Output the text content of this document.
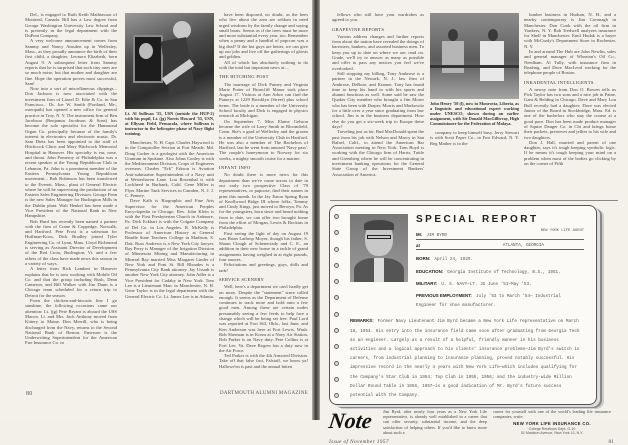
Del., is engaged to Ruth Keith Mathiasson of Montreal, Canada. Bill has a Law degree from George Washington University Law School and is presently in the legal department with the DuPont Company.

A very welcome announcement comes from Sammy and Nancy Amsden up in Wellesley, Mass., as they proudly announce the birth of their first child, a daughter, Leonora Elizabeth, born August 9. A subsequent letter from Sammy reports that he is surprised that such tiny ones are so much noise, but that mother and daughter are fine. Hope the operation proves most successful, Sam!

Now into a sort of miscellaneous clippings... Don Jackson is now associated with the investment firm of Lionel D. Edie & Co. in San Francisco... Dr. Joe W. Smith (Portland, Me., osteopath) has opened a new office for general practice in Troy, N. Y. The instrument firm of Ben Jacobson (Benjamin Jacobson & Sons) has become the sole specialist for the Hammond Organ Co. principally because of the family's interest in electronics and electronic music. Dr. Sam Dietz has been appointed to the staff of Hitchcock Clinic and Mary Hitchcock Memorial Hospital in Hanover. His specialty is ear, nose, and throat. John Pomeroy of Philadelphia was a recent speaker at the Young Republican Club in Lebanon, Pa. John is a prominent member of the Eastern Pennsylvania Young Republican movement... Bob Robinson has been transferred to the Everett, Mass., plant of General Electric where he will be supervising the production of an Eastern Sales Engineering Division. George Fenn is the new Sales Manager for Burlington Mills in the Dublin plant. Walt Henkel has been made a Vice President of the National Bank in New Hampshire.

Bob Hurd has recently been named a partner with the firm of Crane & Coppedge, Norwalk, and Hartford. Pete Frost is a salesman for Huffman-Koos, Dick Bradley joined Tyler Engineering Co. of Lynn, Mass. Lloyd Richmond is serving as Assistant Director of Development of the Red Cross, Burlington, Vt. and a few others of the class have made news this season in a variety of ways.

A letter from Rick Lambert in Hanover explains that he is now working with Mobile Oil Co. and that the group including Rush, Dean Cameron, and Bill Walker with Jim Dunn is a Chicago team scheduled for a return trip to Detroit for the season.

From the chicken-and-biscuits line I go sunshine, the following occasions came our attention: Lt. (jg) Pete Bryant is aboard the USS Macon. Lt. and Mrs. Jack Anthony moved from Kittery to Maine. Don Merrill, who is being discharged from the Navy, returns to the Second National Bank of Boston. Emerson is the Underwriting Superintendent for the American Fire Insurance Co. in

Lt. Al Sullivan '55, USN (outside the HUP-2) with his pupil, Lt. (jg) Norris Howard '55, USN, at Ellyson Field, Pensacola, where Sullivan is instructor in the helicopter phase of Navy flight training.

Manchester, N. H. Capt. Charles Haywood is in the Comptroller Section at Fort Meade, Md. Doug Corker is a geologist with the American Uranium in Spokane. Also Johns Conley is with the Mediterranean Division, Corps of Engineers overseas. Charles "Erk" Erkson is Aviation Anti-submarine Superintendent of a Navy unit at Westerhaven Lane. Lou Rosenthal is with Lockheed in Burbank, Calif. Gene Miller is Flyer Marine Tank Services in Camden, N. J. J. C. Penney.

Dave Kalb is Biographic and Fine Arts Supervisor for the American Peoples Encyclopedia in Chicago. Rev. John Klein is with the First Presbyterian Church in Ardmore, Pa. Dick Eckhart is with the Colgate Company of Del Co. in Los Angeles. R. McKelly is Professor of American History at General Beadle State Teachers College in Madison, S. Dak. Ross Andrews is a New York City lawyer. Ray Perry is Manager of the Irrigation Division of Minnesota Mining and Manufacturing in Mineral Bay married Miss Margaret Linder of New York and Pont St. Bill Rhoades is a Pennsylvania City Bank attorney. Jay Ussadt is another New York City attorney. John Adler is a Vice President for Cudahy in New York. Tom Lee is a Lieutenant Man. in Manchester, N. H. Gene Taylor is in the legal department with the General Electric Co. Lt. James Lee is in Atlanta.

have been disposed, no doubt, as the bees who live about the area are seldom in need urged wisdoms by the family change and saying small boats. Seems as if the trees must be more and more substantial every year, too. Remember when a penny and a handful of popcorn was a big deal? If the hot guys are better, we can give up our jobs and live off the gatherings of ghosts and goblins.

All of which has absolutely nothing to do with the total but important news at....

THE HITCHING POST

The marriage of Dick Putney and Virginia Marie Potter of Briarcliff Manor took place August 17. Visitors at Ann Arbor can find the Putneys at 1229 Brooklyn (Street) plus school items. The bride is a member of the University School faculty and Dick is engaged in physics research at Michigan.

On September 7, Miss Elaine Gelston became the wife of Larry Smith in Bloomfield, Conn. She's a grad of Wellesley and the groom is a member of the University Club in Hartford. He was also a member of The Bachelors of Hartford, last he went from amused 'Navy pass'. The couple's honeymoon to Norway for six weeks, a mighty smooth cruise for a marine.

INFANT INFO

No doubt there is more news for this department than we've come across to date in our early two prospective Class of '79 representatives, or papoose, find their names in print this month. In the Jay Eaton Spring Ryan of Knollwood Ridge III whose folks, Tommy and Cindy Kings, just moved to Berwyn, Pa. As for the youngsters, born since and heard nothing from to date, we can offer two brought home from the effort of Morgan, Lewis & Bockius in Philadelphia.

First seeing the light of day on August 19 was Brian Lathrop Moyer, though his father, S. Shaun Clough of Schenectady and C. E., an addition in their new house in a tackle of grand assignments having weighed in at eight pounds, four ounces.

Felicitations and greetings, guys, dolls and tads!

SERVICE SCENERY

Well, here's a department we can't hardly get on more. Despite the "statement" since called enough. It seems as the Department of Defense continues to track more and hold onto a few good men. Among these are certain nodes presumably seeing a few feeds to help face a change which will be being set free. Paul Lord was reported at Fort Sill, Okla., last June, and Ken Anderson was here at Fort Lewis, Wash. Bob Sherman is in Korea at a Navy Air Station. Bob Parker is on Navy duty. Pete Collins is at Fort Lee, Va. Dave Rogers has a duty now in the Air Force.

Ted Parker is with the 4th Armored Division. Take off that false fact, Falstaff, we know ya! Hallowe'en is past and the annual bitten

80	DARTMOUTH ALUMNI MAGAZINE

fellows who still have your wardrobes as agreed to you.

GRAPEVINE REPORTS

Various address changes and further reports from about the nation have revealed the doings of barristers, bankers, and assorted business men. To keep you up to date on where we are, read on. Grade, we'll try to answer as many as possible and offer to pass any notices you feel we've overlooked.

Still stopping my billing, Tony Ambrose is a partner in the Newark, N. J., law firm of Ambrose, DeRose, and Kramer. Tony has found time to keep his hand in with his sports and alumni functions as well. Some said he saw the Quaker City member who brought a Jim Moser who has been with Draper, Morris and Markowitz for a little over a year since graduating from law school. Jim is in the business department. How else do you get a six-week trip to Europe these days?

Traveling just as far, Bud MacDonald spent the past from his job with Nelson and Marcy in San Rafael, Calif., to attend the American Bar Association meeting in New York. Tom Boyd is working with the Chicago firm of Harris, Tuttle and Greenberg where he will be concentrating in investment banking operations for the General State Group of the Investment Bankers' Association of America.

John Henry '50 (l), now in Monrovia, Liberia, as a linguistic and educational expert working under UNESCO, shown during an earlier assignment, with Sir Donald MacGillivray, High Commissioner for the Federation of Malaya.

company to keep himself busy. Jerry Stewart is with Scott Paper Co., in Fort Edward, N. Y. Reg Mather is in the

lumber business in Hudson, N. H., and a nearby contemporary is Jim Cavanagh in Manchester. Don Cook with the oil firm in Yonkers, N. Y. Bob Tredwell analyzes insurance for Shell in Manchester. Emil Hudak is a buyer with McCurdy's Department Store in Rochester, N. Y.

In and around The Hub are John Newlin, sales and general manager of Wheaton's Oil Co., Needham. Al Tully, with insurance firm in Reading, and Dave MacLeod working for the telephone people of Boston.

INKADENTAL INTELLIGENTS

A newsy note from Don O. Bowen tells us Pick Taylor has two sons and a nice job in Paine, Gant & Belding in Chicago. Dave and Mary Lou Bull recently had a daughter; Dave was elected Junior of the Board in Stockbridge, Mass. Ed. is one of the bachelors who stay the course at a good pace. Don has been made product manager of Squire Danger Co. in Chi and brings home their packets, preserves and jellies to his wife and two daughters.

Don J. Hall, married and parent of one daughter, says it's tough keeping symbolic logic. If he means it's tough keeping your mind on a problem when most of the bodies go clicking by on the corner of Fifth

SPECIAL REPORT
Mr. JIM BYRD
NEW YORK LIFE AGENT
at	ATLANTA, GEORGIA
BORN: April 24, 1929.
EDUCATION: Georgia Institute of Technology, B.S., 1951.
MILITARY: U. S. NAVY—LT. JG June '51—May '53.
PREVIOUS EMPLOYMENT: July '53 to March '54— Industrial Engineer for shoe manufacturer.
REMARKS: Former Navy Lieutenant Jim Byrd became a New York Life representative on March 18, 1954. His entry into the insurance field came soon after graduating from Georgia Tech as an engineer. Largely as a result of a helpful, friendly manner in his business activities and a logical approach to his clients' insurance problems—Jim Byrd's switch in careers, from industrial planning to insurance planning, proved notably successful. His impressive record in the nearly 4 years with New York Life—which includes qualifying for the Company's Star Club in 1954; Top Club in 1955, 1956; and the industry-wide Million Dollar Round Table in 1956, 1957—is a good indication of Mr. Byrd's future success potential with the Company.
Note	Jim Byrd, after nearly four years as a New York Life representative, is already well established in a career that can offer security, substantial income, and the deep satisfaction of helping others. If you'd like to know more about such a
career for yourself with one of the world's leading life insurance companies, write:
NEW YORK LIFE INSURANCE CO.
College Relations Dept. G-10
51 Madison Avenue, New York 10, N.Y.
Issue of November 1957	81
